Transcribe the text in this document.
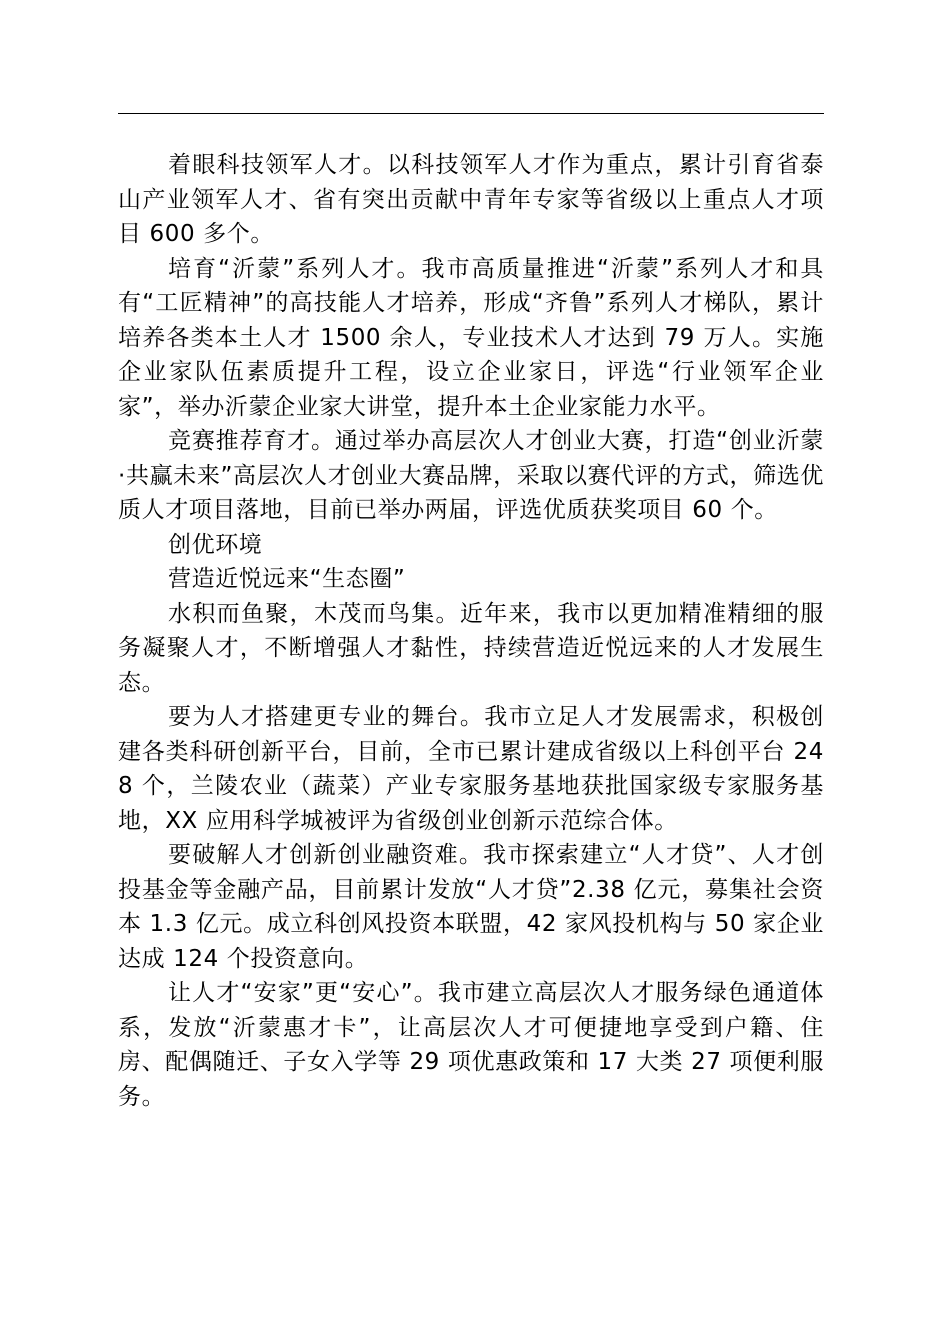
着眼科技领军人才。以科技领军人才作为重点，累计引育省泰山产业领军人才、省有突出贡献中青年专家等省级以上重点人才项目 600 多个。

培育“沂蒙”系列人才。我市高质量推进“沂蒙”系列人才和具有“工匠精神”的高技能人才培养，形成“齐鲁”系列人才梯队，累计培养各类本土人才 1500 余人，专业技术人才达到 79 万人。实施企业家队伍素质提升工程，设立企业家日，评选“行业领军企业家”，举办沂蒙企业家大讲堂，提升本土企业家能力水平。

竞赛推荐育才。通过举办高层次人才创业大赛，打造“创业沂蒙·共赢未来”高层次人才创业大赛品牌，采取以赛代评的方式，筛选优质人才项目落地，目前已举办两届，评选优质获奖项目 60 个。

创优环境

营造近悦远来“生态圈”

水积而鱼聚，木茂而鸟集。近年来，我市以更加精准精细的服务凝聚人才，不断增强人才黏性，持续营造近悦远来的人才发展生态。

要为人才搭建更专业的舞台。我市立足人才发展需求，积极创建各类科研创新平台，目前，全市已累计建成省级以上科创平台 248 个，兰陵农业（蔬菜）产业专家服务基地获批国家级专家服务基地，XX 应用科学城被评为省级创业创新示范综合体。

要破解人才创新创业融资难。我市探索建立“人才贷”、人才创投基金等金融产品，目前累计发放“人才贷”2.38 亿元，募集社会资本 1.3 亿元。成立科创风投资本联盟，42 家风投机构与 50 家企业达成 124 个投资意向。

让人才“安家”更“安心”。我市建立高层次人才服务绿色通道体系，发放“沂蒙惠才卡”，让高层次人才可便捷地享受到户籍、住房、配偶随迁、子女入学等 29 项优惠政策和 17 大类 27 项便利服务。
